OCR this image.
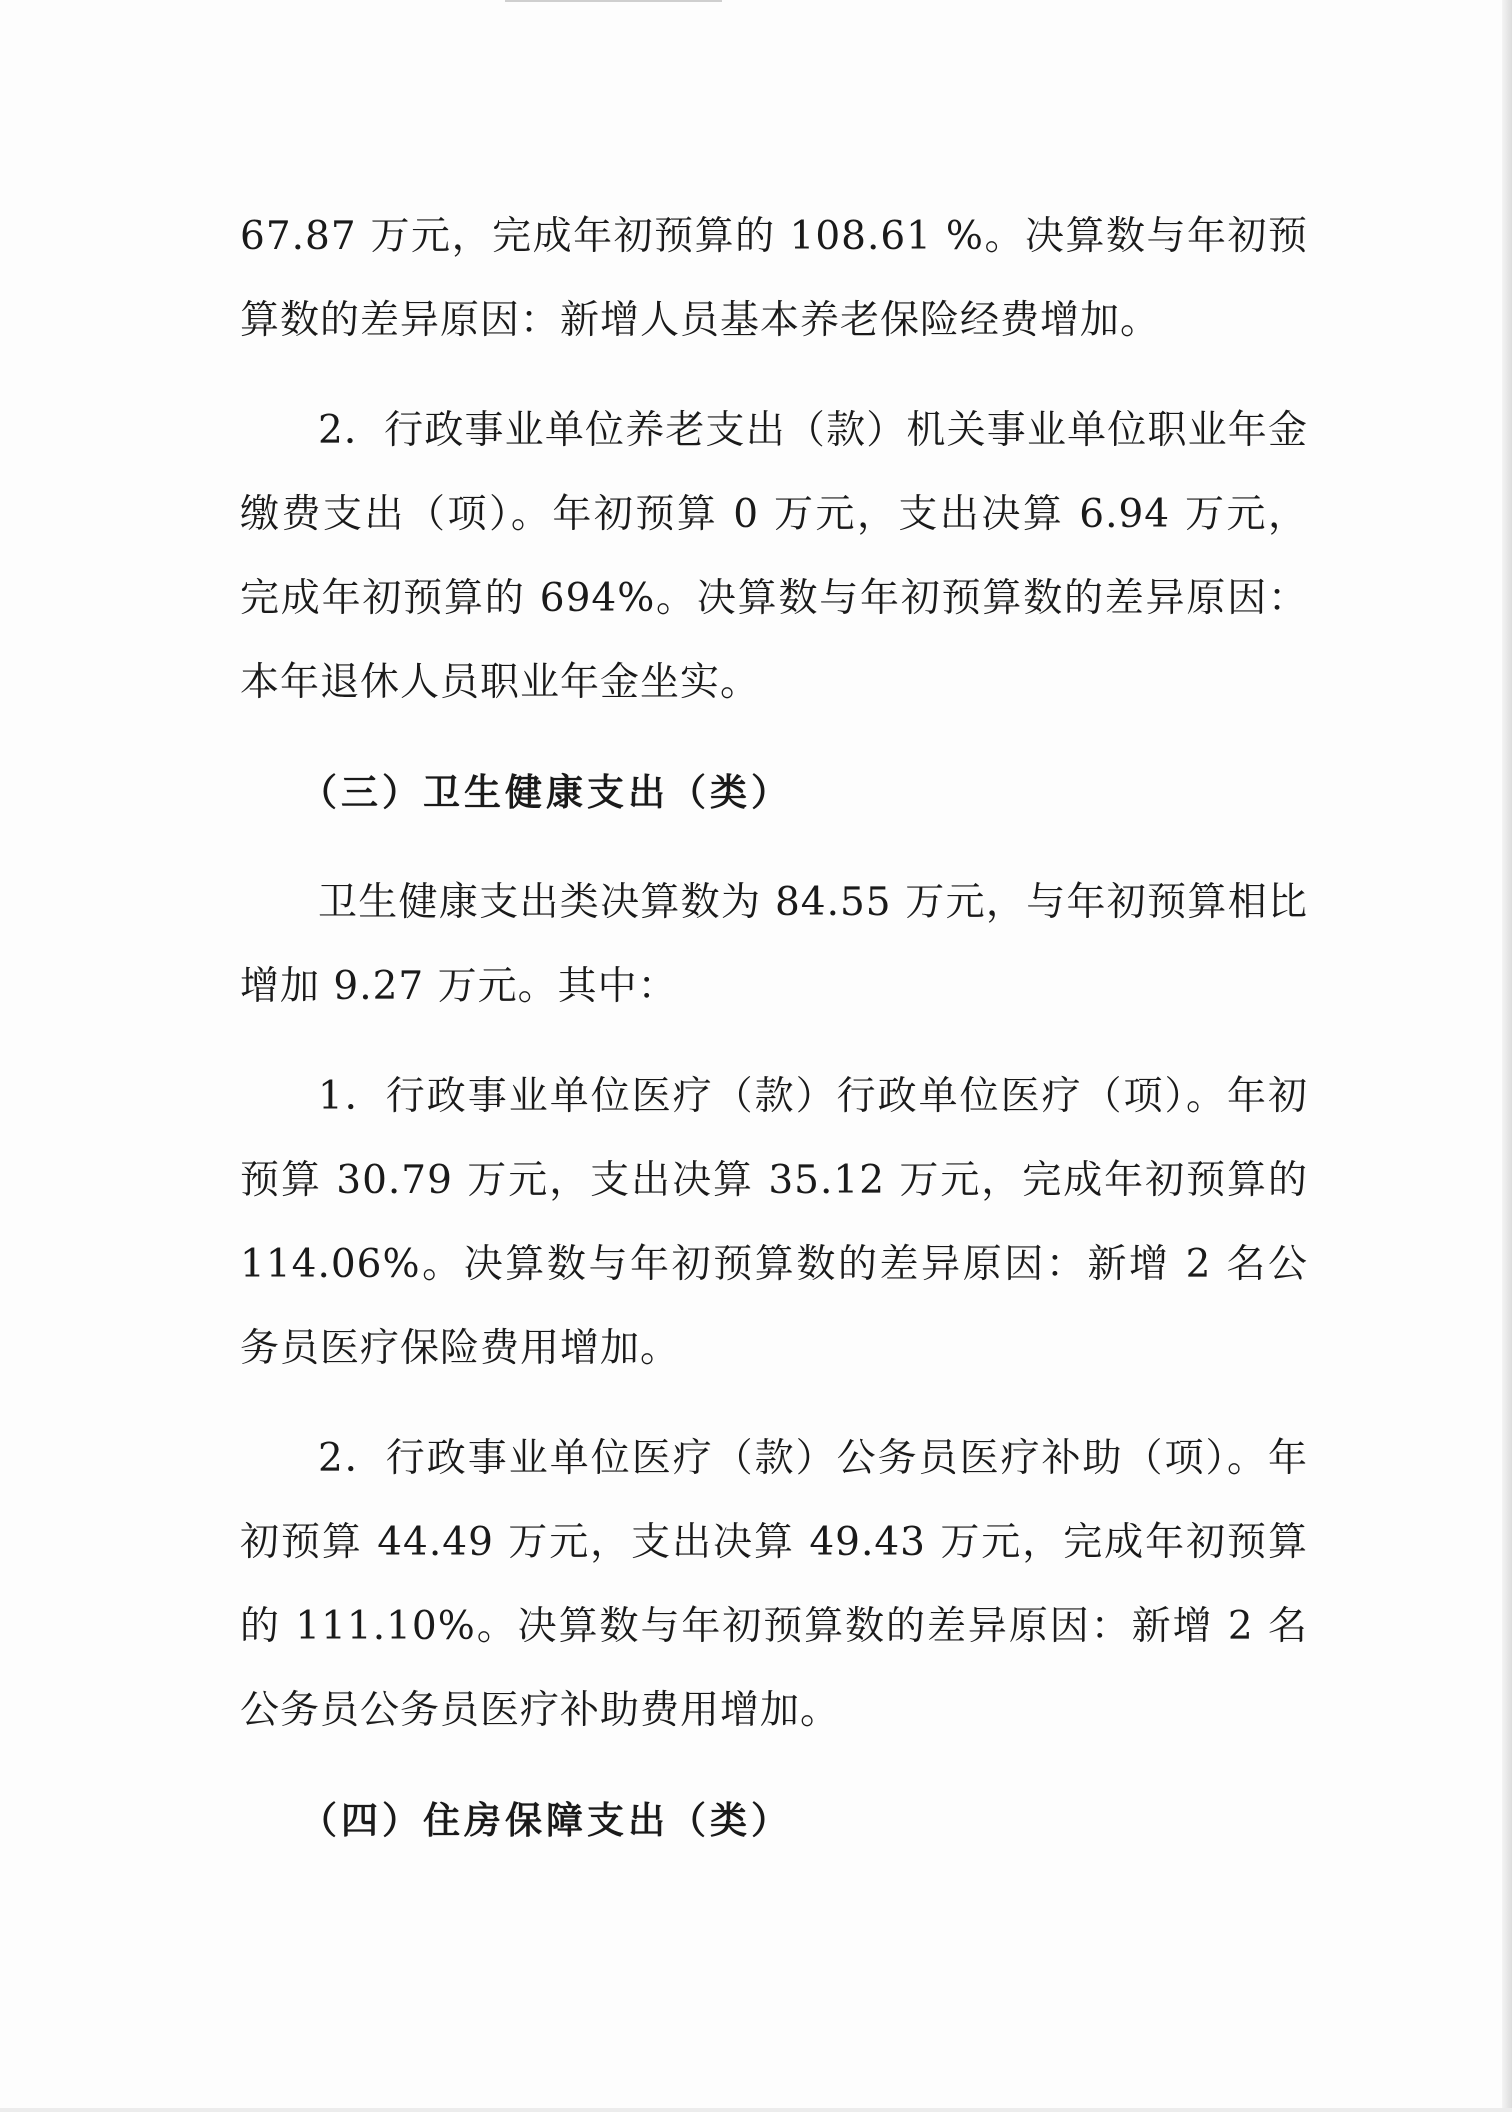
67.87 万元，完成年初预算的 108.61 %。决算数与年初预算数的差异原因：新增人员基本养老保险经费增加。

2．行政事业单位养老支出（款）机关事业单位职业年金缴费支出（项）。年初预算 0 万元，支出决算 6.94 万元，完成年初预算的 694%。决算数与年初预算数的差异原因：本年退休人员职业年金坐实。

（三）卫生健康支出（类）

卫生健康支出类决算数为 84.55 万元，与年初预算相比增加 9.27 万元。其中：

1．行政事业单位医疗（款）行政单位医疗（项）。年初预算 30.79 万元，支出决算 35.12 万元，完成年初预算的 114.06%。决算数与年初预算数的差异原因：新增 2 名公务员医疗保险费用增加。

2．行政事业单位医疗（款）公务员医疗补助（项）。年初预算 44.49 万元，支出决算 49.43 万元，完成年初预算的 111.10%。决算数与年初预算数的差异原因：新增 2 名公务员公务员医疗补助费用增加。

（四）住房保障支出（类）
